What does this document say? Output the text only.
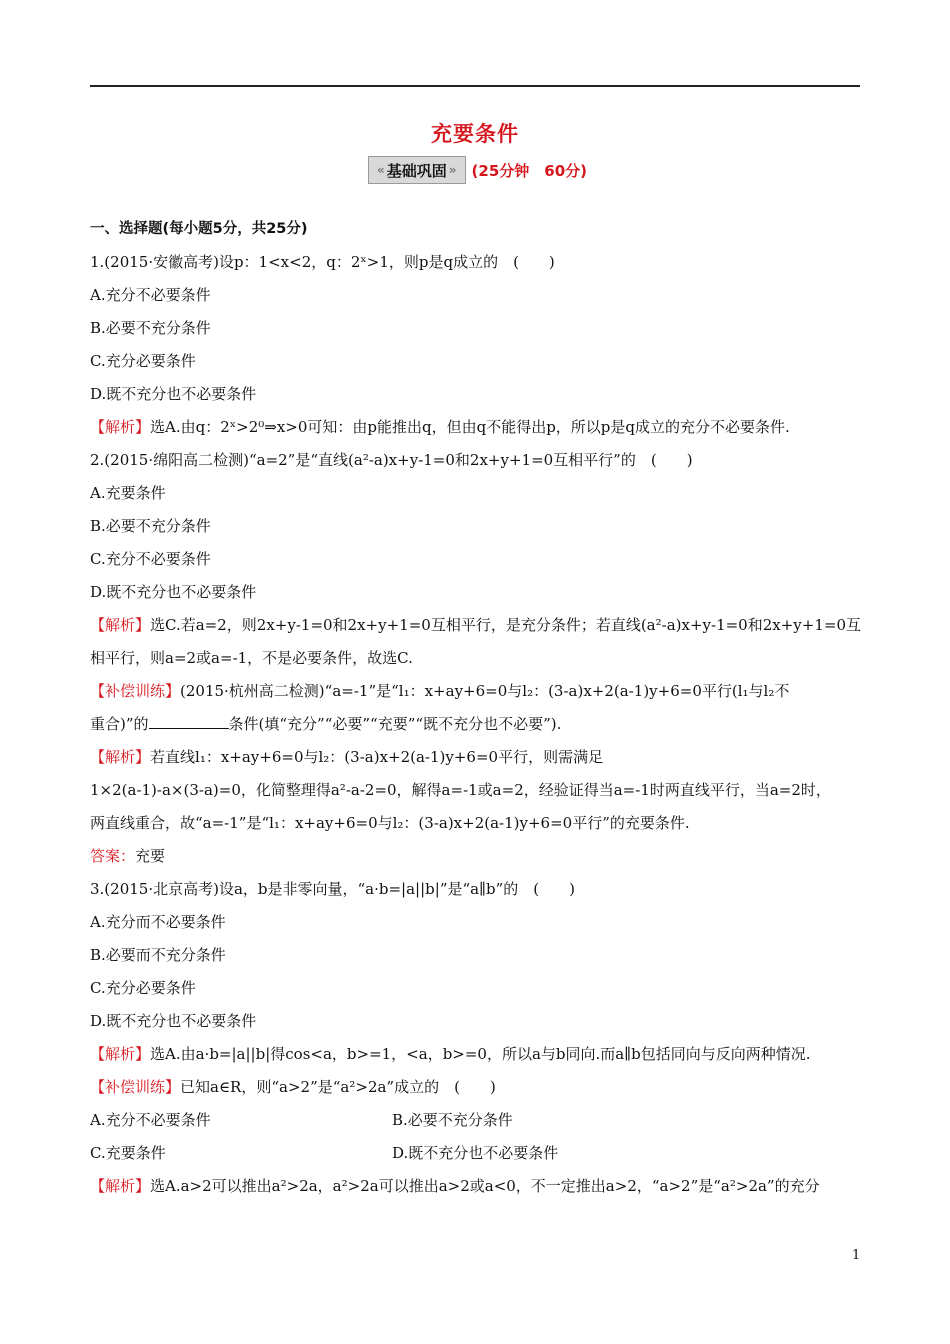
充要条件
« 基础巩固 » (25分钟　60分)
一、选择题(每小题5分，共25分)
1.(2015·安徽高考)设p：1<x<2，q：2ˣ>1，则p是q成立的　(　　)
A.充分不必要条件
B.必要不充分条件
C.充分必要条件
D.既不充分也不必要条件
【解析】选A.由q：2ˣ>2⁰⇒x>0可知：由p能推出q，但由q不能得出p，所以p是q成立的充分不必要条件.
2.(2015·绵阳高二检测)“a=2”是“直线(a²-a)x+y-1=0和2x+y+1=0互相平行”的　(　　)
A.充要条件
B.必要不充分条件
C.充分不必要条件
D.既不充分也不必要条件
【解析】选C.若a=2，则2x+y-1=0和2x+y+1=0互相平行，是充分条件；若直线(a²-a)x+y-1=0和2x+y+1=0互
相平行，则a=2或a=-1，不是必要条件，故选C.
【补偿训练】(2015·杭州高二检测)“a=-1”是“l₁：x+ay+6=0与l₂：(3-a)x+2(a-1)y+6=0平行(l₁与l₂不
重合)”的	条件(填“充分”“必要”“充要”“既不充分也不必要”).
【解析】若直线l₁：x+ay+6=0与l₂：(3-a)x+2(a-1)y+6=0平行，则需满足
1×2(a-1)-a×(3-a)=0，化简整理得a²-a-2=0，解得a=-1或a=2，经验证得当a=-1时两直线平行，当a=2时，
两直线重合，故“a=-1”是“l₁：x+ay+6=0与l₂：(3-a)x+2(a-1)y+6=0平行”的充要条件.
答案：充要
3.(2015·北京高考)设a，b是非零向量，“a·b=|a||b|”是“a∥b”的　(　　)
A.充分而不必要条件
B.必要而不充分条件
C.充分必要条件
D.既不充分也不必要条件
【解析】选A.由a·b=|a||b|得cos<a，b>=1，<a，b>=0，所以a与b同向.而a∥b包括同向与反向两种情况.
【补偿训练】已知a∈R，则“a>2”是“a²>2a”成立的　(　　)
A.充分不必要条件	B.必要不充分条件
C.充要条件	D.既不充分也不必要条件
【解析】选A.a>2可以推出a²>2a，a²>2a可以推出a>2或a<0，不一定推出a>2，“a>2”是“a²>2a”的充分
1
